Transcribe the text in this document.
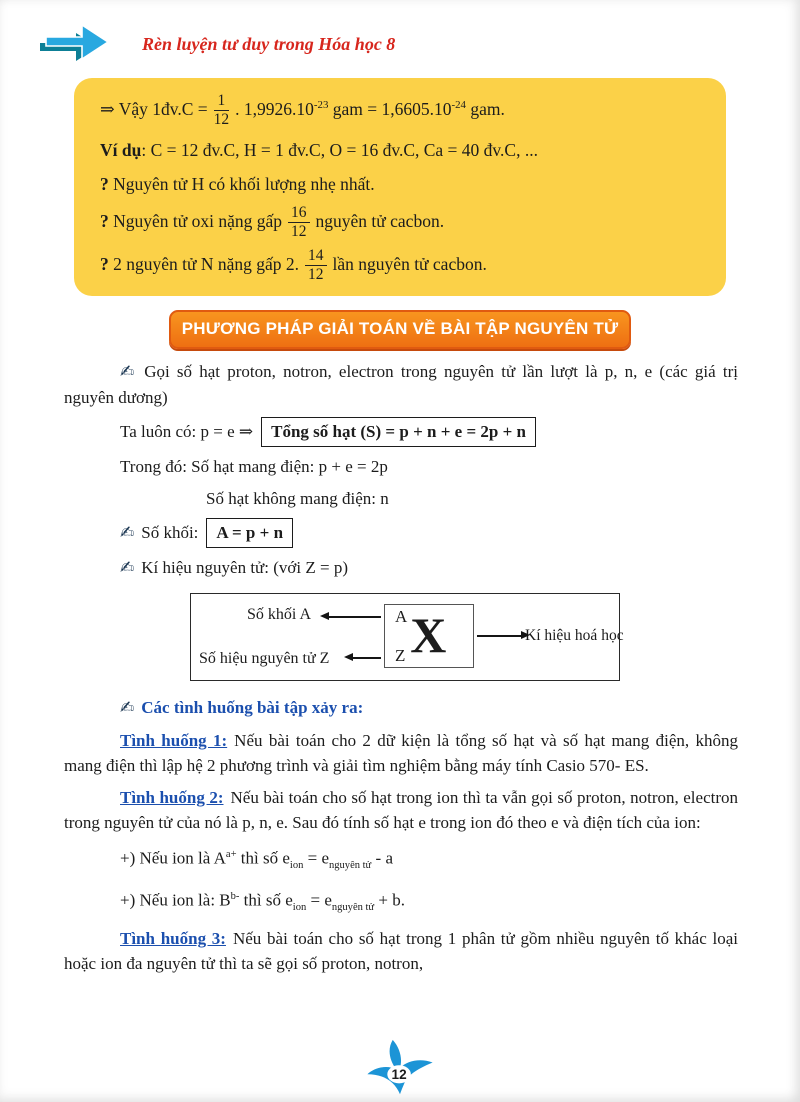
Rèn luyện tư duy trong Hóa học 8
⇒ Vậy 1đv.C = $\frac{1}{12}$ . $1,9926.10^{-23}$ gam = $1,6605.10^{-24}$ gam.
Ví dụ: C = 12 đv.C, H = 1 đv.C, O = 16 đv.C, Ca = 40 đv.C, ...
? Nguyên tử H có khối lượng nhẹ nhất.
? Nguyên tử oxi nặng gấp $\frac{16}{12}$ nguyên tử cacbon.
? 2 nguyên tử N nặng gấp 2. $\frac{14}{12}$ lần nguyên tử cacbon.
PHƯƠNG PHÁP GIẢI TOÁN VỀ BÀI TẬP NGUYÊN TỬ

✍ Gọi số hạt proton, notron, electron trong nguyên tử lần lượt là p, n, e (các giá trị nguyên dương)

Ta luôn có: p = e ⇒ Tổng số hạt (S) = p + n + e = 2p + n

Trong đó: Số hạt mang điện: p + e = 2p

Số hạt không mang điện: n

✍ Số khối: A = p + n

✍ Kí hiệu nguyên tử: (với Z = p)

Số khối A
Số hiệu nguyên tử Z
Kí hiệu hoá học
A
Z X

✍ Các tình huống bài tập xảy ra:

Tình huống 1: Nếu bài toán cho 2 dữ kiện là tổng số hạt và số hạt mang điện, không mang điện thì lập hệ 2 phương trình và giải tìm nghiệm bằng máy tính Casio 570- ES.

Tình huống 2: Nếu bài toán cho số hạt trong ion thì ta vẫn gọi số proton, notron, electron trong nguyên tử của nó là p, n, e. Sau đó tính số hạt e trong ion đó theo e và điện tích của ion:

+) Nếu ion là $A^{a+}$ thì số $e_{ion} = e_{nguyên tử} - a$

+) Nếu ion là: $B^{b-}$ thì số $e_{ion} = e_{nguyên tử} + b$.

Tình huống 3: Nếu bài toán cho số hạt trong 1 phân tử gồm nhiều nguyên tố khác loại hoặc ion đa nguyên tử thì ta sẽ gọi số proton, notron,

12
